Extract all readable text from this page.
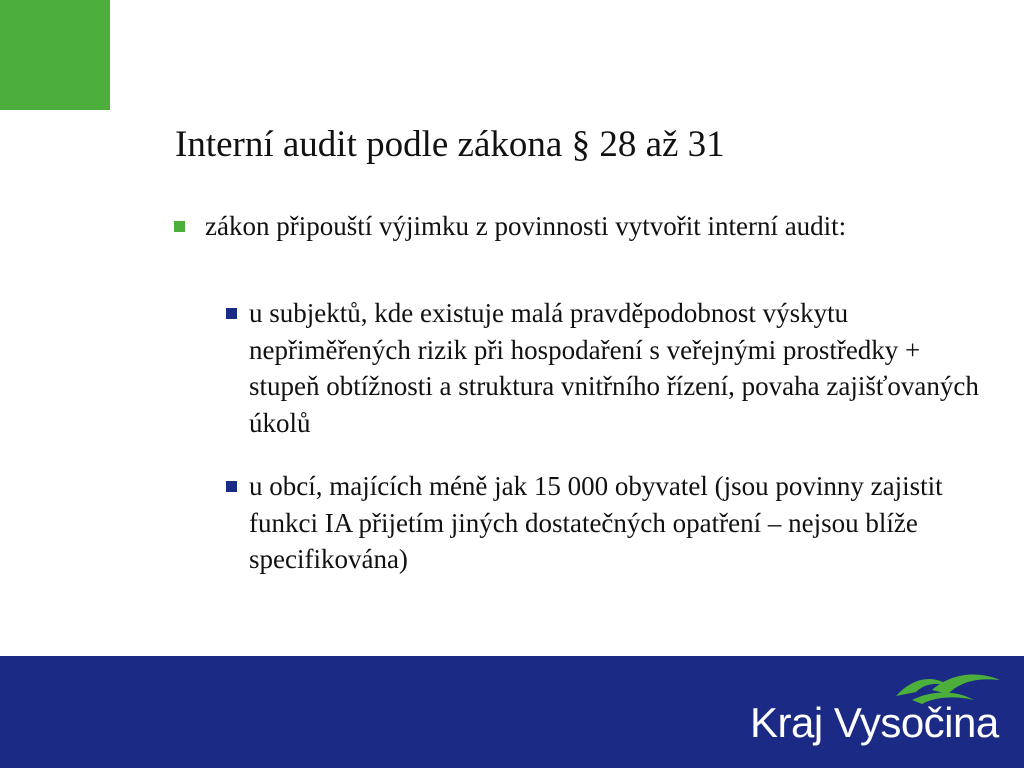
Interní audit podle zákona § 28 až 31
zákon připouští výjimku z povinnosti vytvořit interní audit:
u subjektů, kde existuje malá pravděpodobnost výskytu nepřiměřených rizik při hospodaření s veřejnými prostředky + stupeň obtížnosti a struktura vnitřního řízení, povaha zajišťovaných úkolů
u obcí, majících méně jak 15 000 obyvatel (jsou povinny zajistit funkci IA přijetím jiných dostatečných opatření – nejsou blíže specifikována)
Kraj Vysočina
